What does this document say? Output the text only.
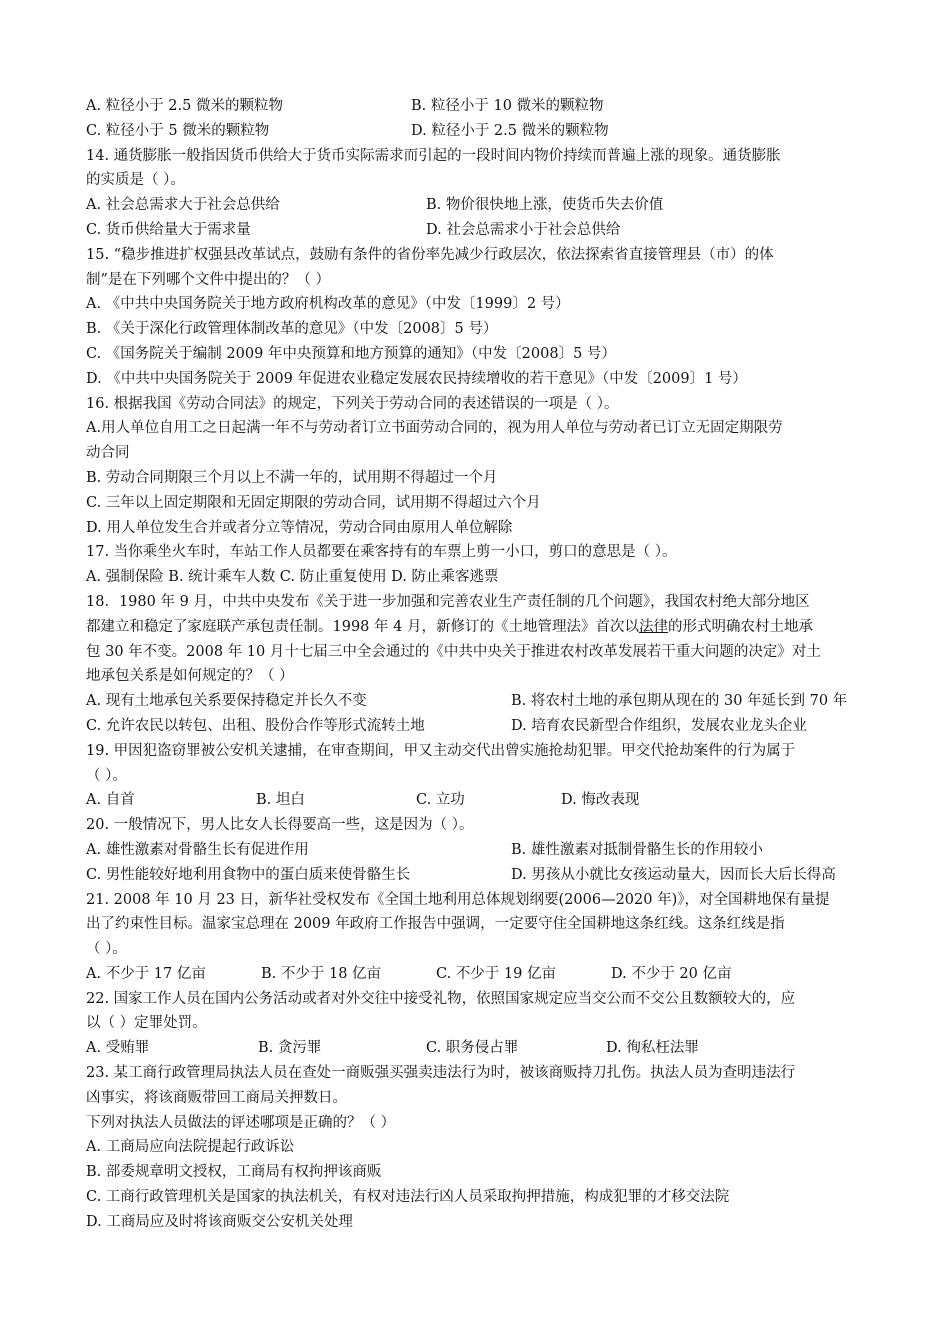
A. 粒径小于 2.5 微米的颗粒物	B. 粒径小于 10 微米的颗粒物
C. 粒径小于 5 微米的颗粒物	D. 粒径小于 2.5 微米的颗粒物
14. 通货膨胀一般指因货币供给大于货币实际需求而引起的一段时间内物价持续而普遍上涨的现象。通货膨胀
的实质是（ ）。
A. 社会总需求大于社会总供给	B. 物价很快地上涨，使货币失去价值
C. 货币供给量大于需求量	D. 社会总需求小于社会总供给
15. “稳步推进扩权强县改革试点，鼓励有条件的省份率先减少行政层次，依法探索省直接管理县（市）的体
制”是在下列哪个文件中提出的？（ ）
A. 《中共中央国务院关于地方政府机构改革的意见》（中发〔1999〕2 号）
B. 《关于深化行政管理体制改革的意见》（中发〔2008〕5 号）
C. 《国务院关于编制 2009 年中央预算和地方预算的通知》（中发〔2008〕5 号）
D. 《中共中央国务院关于 2009 年促进农业稳定发展农民持续增收的若干意见》（中发〔2009〕1 号）
16. 根据我国《劳动合同法》的规定，下列关于劳动合同的表述错误的一项是（ ）。
A.用人单位自用工之日起满一年不与劳动者订立书面劳动合同的，视为用人单位与劳动者已订立无固定期限劳
动合同
B. 劳动合同期限三个月以上不满一年的，试用期不得超过一个月
C. 三年以上固定期限和无固定期限的劳动合同，试用期不得超过六个月
D. 用人单位发生合并或者分立等情况，劳动合同由原用人单位解除
17. 当你乘坐火车时，车站工作人员都要在乘客持有的车票上剪一小口，剪口的意思是（ ）。
A. 强制保险 B. 统计乘车人数 C. 防止重复使用 D. 防止乘客逃票
18．1980 年 9 月，中共中央发布《关于进一步加强和完善农业生产责任制的几个问题》，我国农村绝大部分地区
都建立和稳定了家庭联产承包责任制。1998 年 4 月，新修订的《土地管理法》首次以法律的形式明确农村土地承
包 30 年不变。2008 年 10 月十七届三中全会通过的《中共中央关于推进农村改革发展若干重大问题的决定》对土
地承包关系是如何规定的？（ ）
A. 现有土地承包关系要保持稳定并长久不变	B. 将农村土地的承包期从现在的 30 年延长到 70 年
C. 允许农民以转包、出租、股份合作等形式流转土地	D. 培育农民新型合作组织，发展农业龙头企业
19. 甲因犯盗窃罪被公安机关逮捕，在审查期间，甲又主动交代出曾实施抢劫犯罪。甲交代抢劫案件的行为属于
（ ）。
A. 自首	B. 坦白	C. 立功	D. 悔改表现
20. 一般情况下，男人比女人长得要高一些，这是因为（ ）。
A. 雄性激素对骨骼生长有促进作用	B. 雄性激素对抵制骨骼生长的作用较小
C. 男性能较好地利用食物中的蛋白质来使骨骼生长	D. 男孩从小就比女孩运动量大，因而长大后长得高
21. 2008 年 10 月 23 日，新华社受权发布《全国土地利用总体规划纲要(2006—2020 年)》，对全国耕地保有量提
出了约束性目标。温家宝总理在 2009 年政府工作报告中强调，一定要守住全国耕地这条红线。这条红线是指
（ ）。
A. 不少于 17 亿亩	B. 不少于 18 亿亩	C. 不少于 19 亿亩	D. 不少于 20 亿亩
22. 国家工作人员在国内公务活动或者对外交往中接受礼物，依照国家规定应当交公而不交公且数额较大的，应
以（ ）定罪处罚。
A. 受贿罪	B. 贪污罪	C. 职务侵占罪	D. 徇私枉法罪
23. 某工商行政管理局执法人员在查处一商贩强买强卖违法行为时，被该商贩持刀扎伤。执法人员为查明违法行
凶事实，将该商贩带回工商局关押数日。
下列对执法人员做法的评述哪项是正确的？（ ）
A. 工商局应向法院提起行政诉讼
B. 部委规章明文授权，工商局有权拘押该商贩
C. 工商行政管理机关是国家的执法机关，有权对违法行凶人员采取拘押措施，构成犯罪的才移交法院
D. 工商局应及时将该商贩交公安机关处理
